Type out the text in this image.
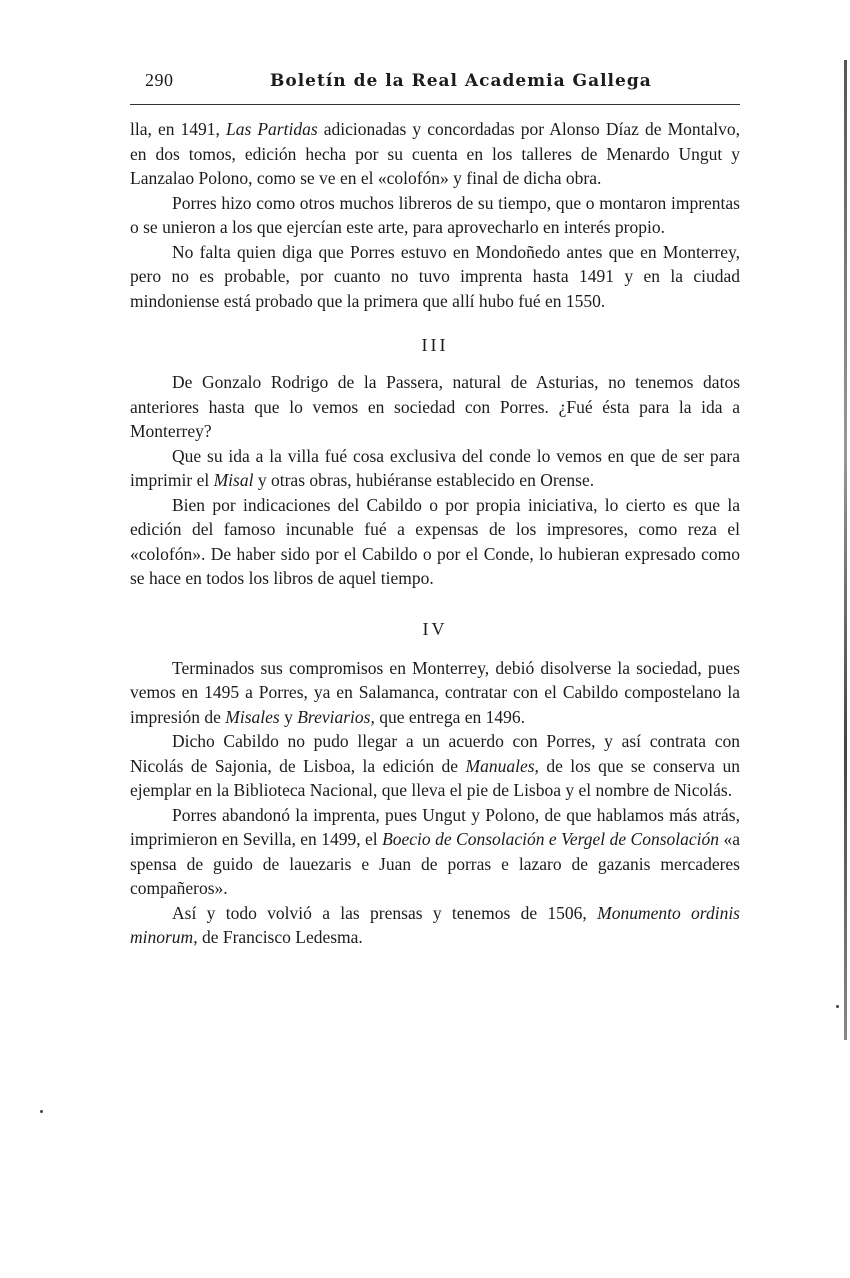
290	Boletín de la Real Academia Gallega

lla, en 1491, Las Partidas adicionadas y concordadas por Alonso Díaz de Montalvo, en dos tomos, edición hecha por su cuenta en los talleres de Menardo Ungut y Lanzalao Polono, como se ve en el «colofón» y final de dicha obra.

Porres hizo como otros muchos libreros de su tiempo, que o montaron imprentas o se unieron a los que ejercían este arte, para aprovecharlo en interés propio.

No falta quien diga que Porres estuvo en Mondoñedo antes que en Monterrey, pero no es probable, por cuanto no tuvo imprenta hasta 1491 y en la ciudad mindoniense está probado que la primera que allí hubo fué en 1550.

III

De Gonzalo Rodrigo de la Passera, natural de Asturias, no tenemos datos anteriores hasta que lo vemos en sociedad con Porres. ¿Fué ésta para la ida a Monterrey?

Que su ida a la villa fué cosa exclusiva del conde lo vemos en que de ser para imprimir el Misal y otras obras, hubiéranse establecido en Orense.

Bien por indicaciones del Cabildo o por propia iniciativa, lo cierto es que la edición del famoso incunable fué a expensas de los impresores, como reza el «colofón». De haber sido por el Cabildo o por el Conde, lo hubieran expresado como se hace en todos los libros de aquel tiempo.

IV

Terminados sus compromisos en Monterrey, debió disolverse la sociedad, pues vemos en 1495 a Porres, ya en Salamanca, contratar con el Cabildo compostelano la impresión de Misales y Breviarios, que entrega en 1496.

Dicho Cabildo no pudo llegar a un acuerdo con Porres, y así contrata con Nicolás de Sajonia, de Lisboa, la edición de Manuales, de los que se conserva un ejemplar en la Biblioteca Nacional, que lleva el pie de Lisboa y el nombre de Nicolás.

Porres abandonó la imprenta, pues Ungut y Polono, de que hablamos más atrás, imprimieron en Sevilla, en 1499, el Boecio de Consolación e Vergel de Consolación «a spensa de guido de lauezaris e Juan de porras e lazaro de gazanis mercaderes compañeros».

Así y todo volvió a las prensas y tenemos de 1506, Monumento ordinis minorum, de Francisco Ledesma.
